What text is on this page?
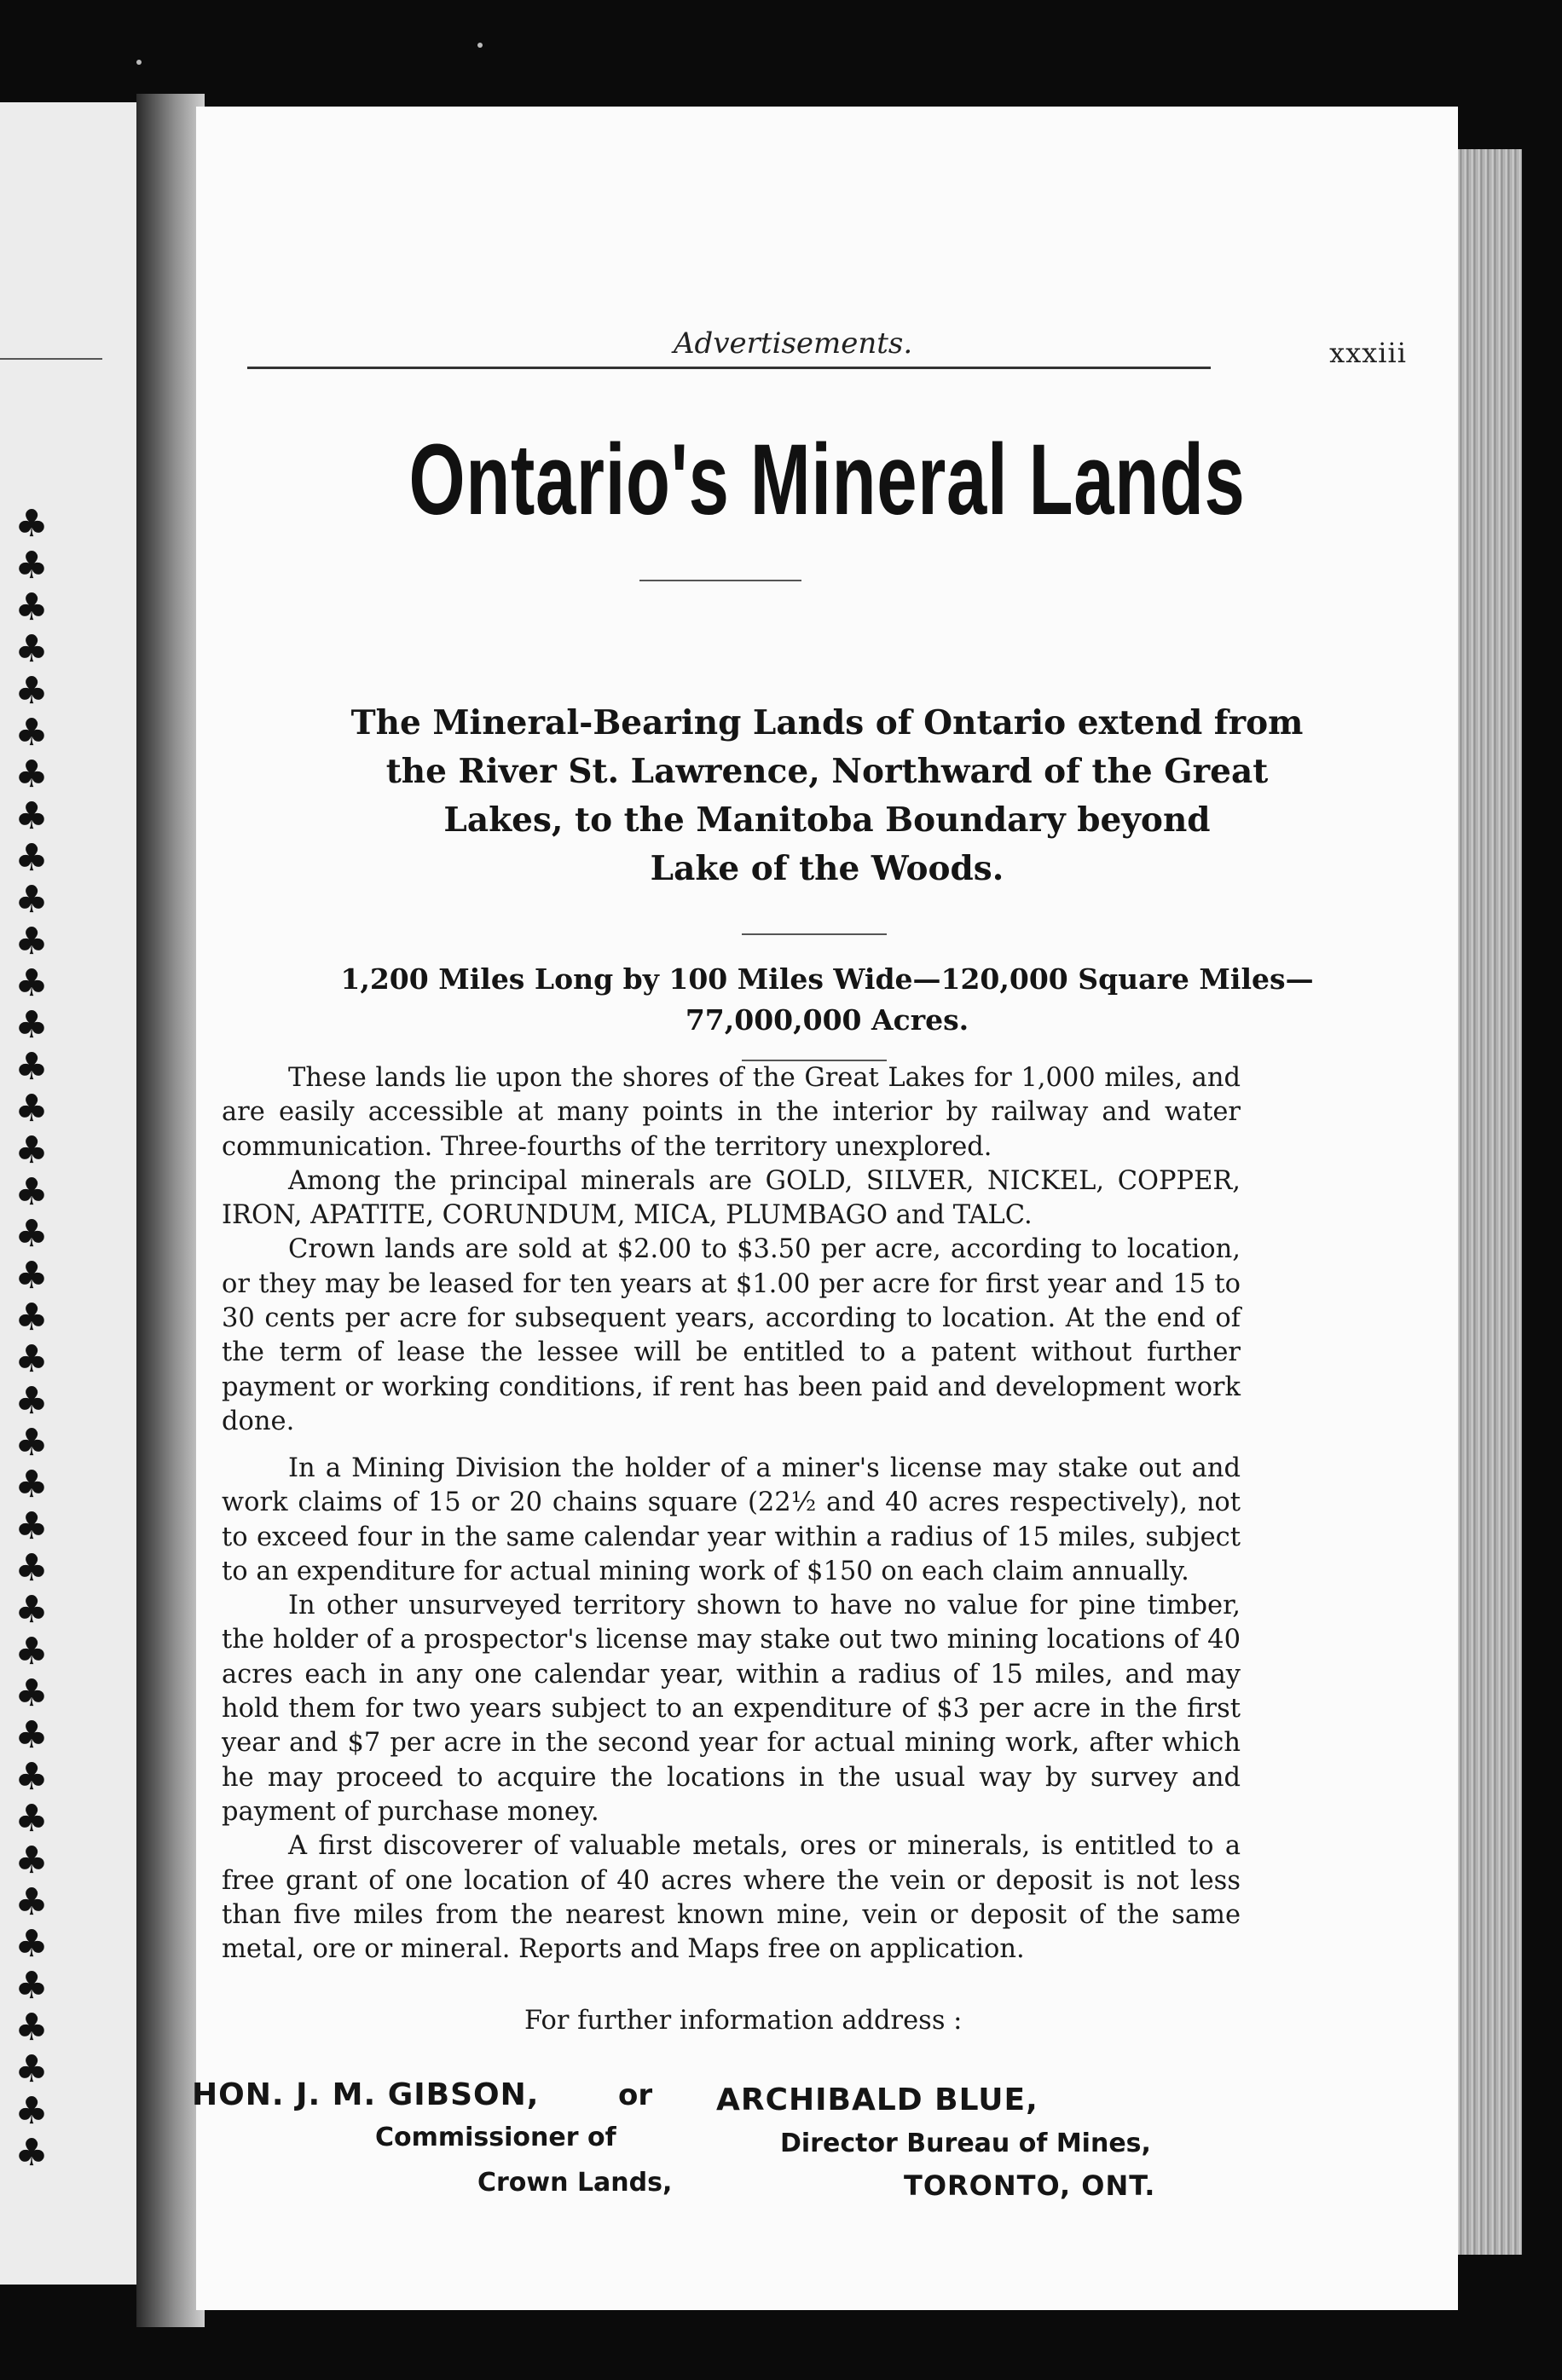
♣
♣
♣
♣
♣
♣
♣
♣
♣
♣
♣
♣
♣
♣
♣
♣
♣
♣
♣
♣
♣
♣
♣
♣
♣
♣
♣
♣
♣
♣
♣
♣
♣
♣
♣
♣
♣
♣
♣
♣
Advertisements.	xxxiii
Ontario's Mineral Lands
The Mineral-Bearing Lands of Ontario extend from
the River St. Lawrence, Northward of the Great
Lakes, to the Manitoba Boundary beyond
Lake of the Woods.
1,200 Miles Long by 100 Miles Wide—120,000 Square Miles—
77,000,000 Acres.

These lands lie upon the shores of the Great Lakes for 1,000 miles, and are easily accessible at many points in the interior by railway and water communication. Three-fourths of the territory unexplored.

Among the principal minerals are GOLD, SILVER, NICKEL, COPPER, IRON, APATITE, CORUNDUM, MICA, PLUMBAGO and TALC.

Crown lands are sold at $2.00 to $3.50 per acre, according to location, or they may be leased for ten years at $1.00 per acre for first year and 15 to 30 cents per acre for subsequent years, according to location. At the end of the term of lease the lessee will be entitled to a patent without further payment or working conditions, if rent has been paid and development work done.

In a Mining Division the holder of a miner's license may stake out and work claims of 15 or 20 chains square (22½ and 40 acres respectively), not to exceed four in the same calendar year within a radius of 15 miles, subject to an expenditure for actual mining work of $150 on each claim annually.

In other unsurveyed territory shown to have no value for pine timber, the holder of a prospector's license may stake out two mining locations of 40 acres each in any one calendar year, within a radius of 15 miles, and may hold them for two years subject to an expenditure of $3 per acre in the first year and $7 per acre in the second year for actual mining work, after which he may proceed to acquire the locations in the usual way by survey and payment of purchase money.

A first discoverer of valuable metals, ores or minerals, is entitled to a free grant of one location of 40 acres where the vein or deposit is not less than five miles from the nearest known mine, vein or deposit of the same metal, ore or mineral. Reports and Maps free on application.

For further information address :
HON. J. M. GIBSON,
Commissioner of
Crown Lands,
or ARCHIBALD BLUE,
Director Bureau of Mines,
TORONTO, ONT.
